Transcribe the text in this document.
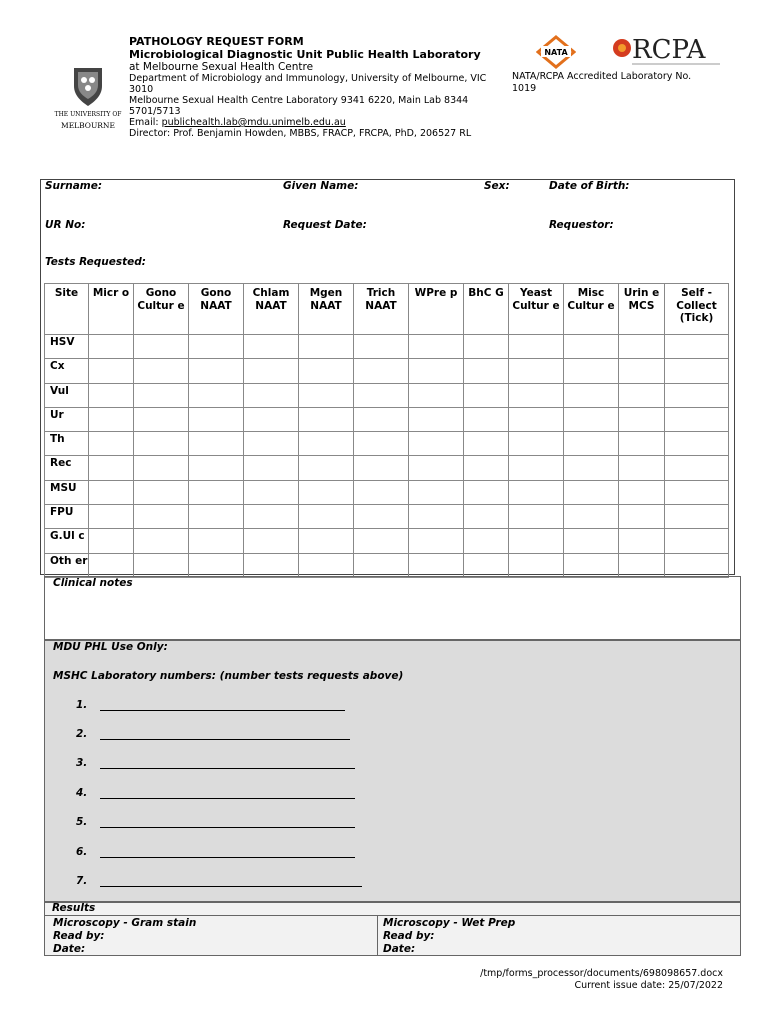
THE UNIVERSITY OF
MELBOURNE
PATHOLOGY REQUEST FORM
Microbiological Diagnostic Unit Public Health Laboratory
at Melbourne Sexual Health Centre
Department of Microbiology and Immunology, University of Melbourne, VIC 3010
Melbourne Sexual Health Centre Laboratory 9341 6220, Main Lab 8344 5701/5713
Email: publichealth.lab@mdu.unimelb.edu.au
Director: Prof. Benjamin Howden, MBBS, FRACP, FRCPA, PhD, 206527 RL
NATA RCPA
NATA/RCPA Accredited Laboratory No. 1019
Surname:	Given Name:	Sex:	Date of Birth:
UR No:	Request Date:	Requestor:
Tests Requested:
Site	Micr o	Gono Cultur e	Gono NAAT	Chlam NAAT	Mgen NAAT	Trich NAAT	WPre p	BhC G	Yeast Cultur e	Misc Cultur e	Urin e MCS	Self -Collect (Tick)
HSV												
Cx												
Vul												
Ur												
Th												
Rec												
MSU												
FPU												
G.Ul c												
Oth er												
Clinical notes
MDU PHL Use Only:
MSHC Laboratory numbers: (number tests requests above)
1.
2.
3.
4.
5.
6.
7.
Results
Microscopy - Gram stain
Read by:
Date:
Microscopy - Wet Prep
Read by:
Date:
/tmp/forms_processor/documents/698098657.docx
Current issue date: 25/07/2022
